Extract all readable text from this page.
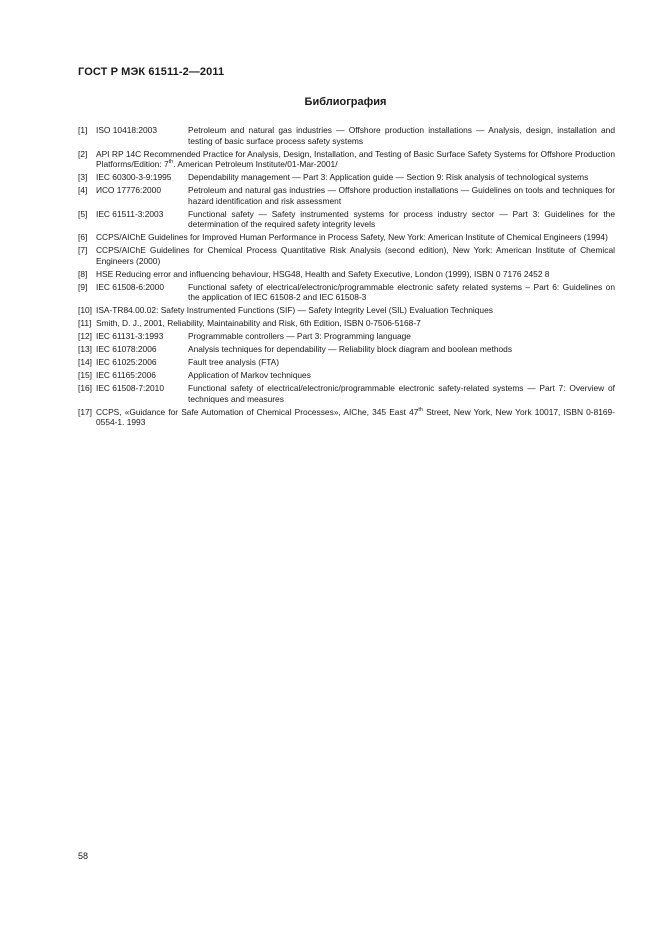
ГОСТ Р МЭК 61511-2—2011
Библиография
[1]	ISO 10418:2003	Petroleum and natural gas industries — Offshore production installations — Analysis, design, installation and testing of basic surface process safety systems
[2]	API RP 14C Recommended Practice for Analysis, Design, Installation, and Testing of Basic Surface Safety Systems for Offshore Production Platforms/Edition: 7th. American Petroleum Institute/01-Mar-2001/
[3]	IEC 60300-3-9:1995	Dependability management — Part 3: Application guide — Section 9: Risk analysis of technological systems
[4]	ИСО 17776:2000	Petroleum and natural gas industries — Offshore production installations — Guidelines on tools and techniques for hazard identification and risk assessment
[5]	IEC 61511-3:2003	Functional safety — Safety instrumented systems for process industry sector — Part 3: Guidelines for the determination of the required safety integrity levels
[6]	CCPS/AIChE Guidelines for Improved Human Performance in Process Safety, New York: American Institute of Chemical Engineers (1994)
[7]	CCPS/AIChE Guidelines for Chemical Process Quantitative Risk Analysis (second edition), New York: American Institute of Chemical Engineers (2000)
[8]	HSE Reducing error and influencing behaviour, HSG48, Health and Safety Executive, London (1999), ISBN 0 7176 2452 8
[9]	IEC 61508-6:2000	Functional safety of electrical/electronic/programmable electronic safety related systems – Part 6: Guidelines on the application of IEC 61508-2 and IEC 61508-3
[10] ISA-TR84.00.02: Safety Instrumented Functions (SIF) — Safety Integrity Level (SIL) Evaluation Techniques
[11] Smith, D. J., 2001, Reliability, Maintainability and Risk, 6th Edition, ISBN 0-7506-5168-7
[12] IEC 61131-3:1993	Programmable controllers — Part 3: Programming language
[13] IEC 61078:2006	Analysis techniques for dependability — Reliability block diagram and boolean methods
[14] IEC 61025:2006	Fault tree analysis (FTA)
[15] IEC 61165:2006	Application of Markov techniques
[16] IEC 61508-7:2010	Functional safety of electrical/electronic/programmable electronic safety-related systems — Part 7: Overview of techniques and measures
[17] CCPS, «Guidance for Safe Automation of Chemical Processes», AIChe, 345 East 47th Street, New York, New York 10017, ISBN 0-8169-0554-1. 1993
58
